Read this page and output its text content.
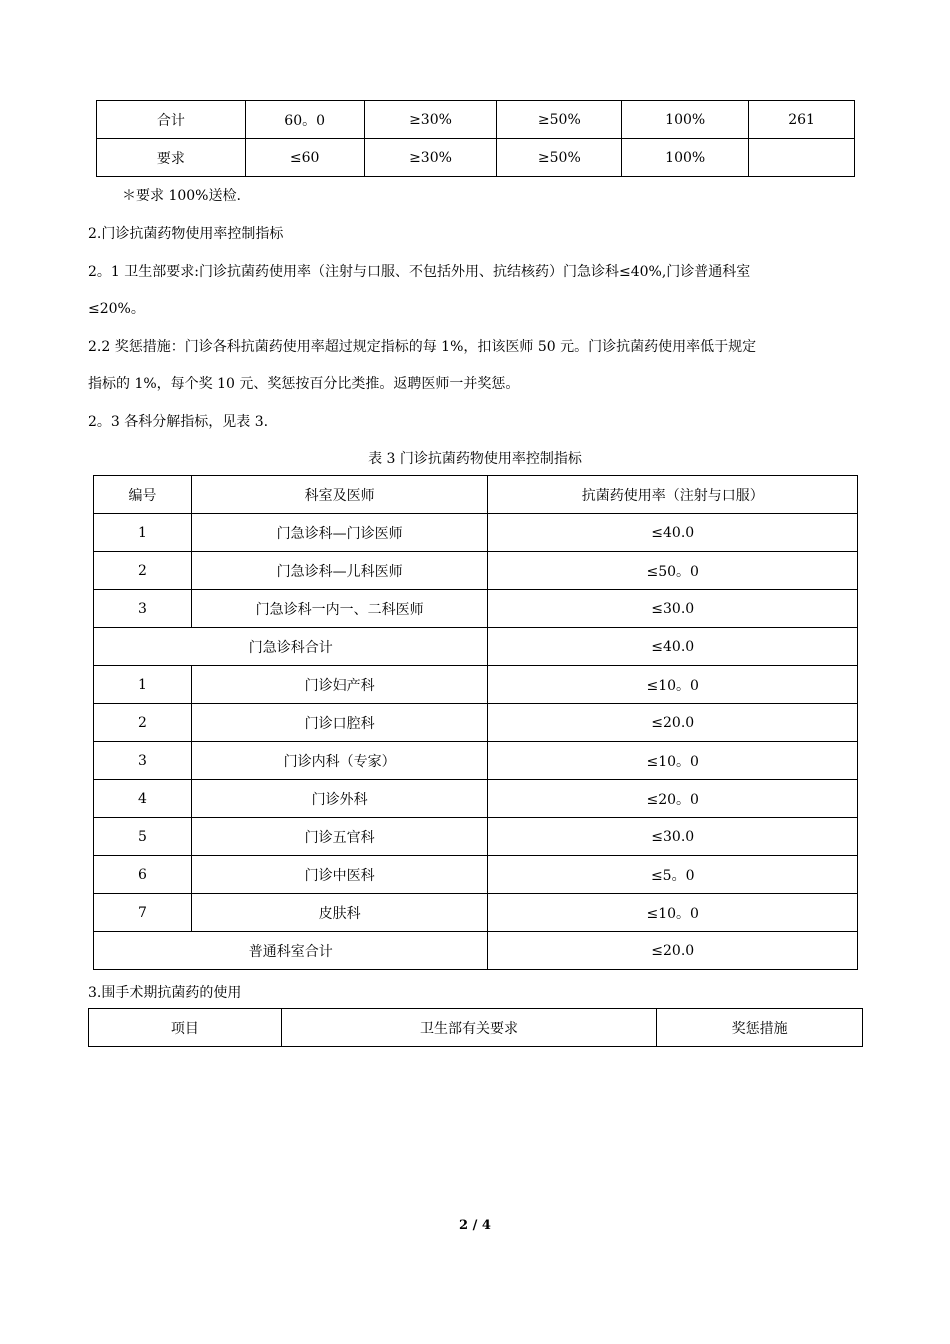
合计	60。0	≥30%	≥50%	100%	261
要求	≤60	≥30%	≥50%	100%	
＊要求 100%送检.
2.门诊抗菌药物使用率控制指标
2。1 卫生部要求:门诊抗菌药使用率（注射与口服、不包括外用、抗结核药）门急诊科≤40%,门诊普通科室
≤20%。
2.2 奖惩措施：门诊各科抗菌药使用率超过规定指标的每 1%，扣该医师 50 元。门诊抗菌药使用率低于规定
指标的 1%，每个奖 10 元、奖惩按百分比类推。返聘医师一并奖惩。
2。3 各科分解指标，见表 3.
表 3 门诊抗菌药物使用率控制指标
编号	科室及医师	抗菌药使用率（注射与口服）
1	门急诊科—门诊医师	≤40.0
2	门急诊科—儿科医师	≤50。0
3	门急诊科一内一、二科医师	≤30.0
门急诊科合计		≤40.0
1	门诊妇产科	≤10。0
2	门诊口腔科	≤20.0
3	门诊内科（专家）	≤10。0
4	门诊外科	≤20。0
5	门诊五官科	≤30.0
6	门诊中医科	≤5。0
7	皮肤科	≤10。0
普通科室合计		≤20.0
3.围手术期抗菌药的使用
项目	卫生部有关要求	奖惩措施
2 / 4
